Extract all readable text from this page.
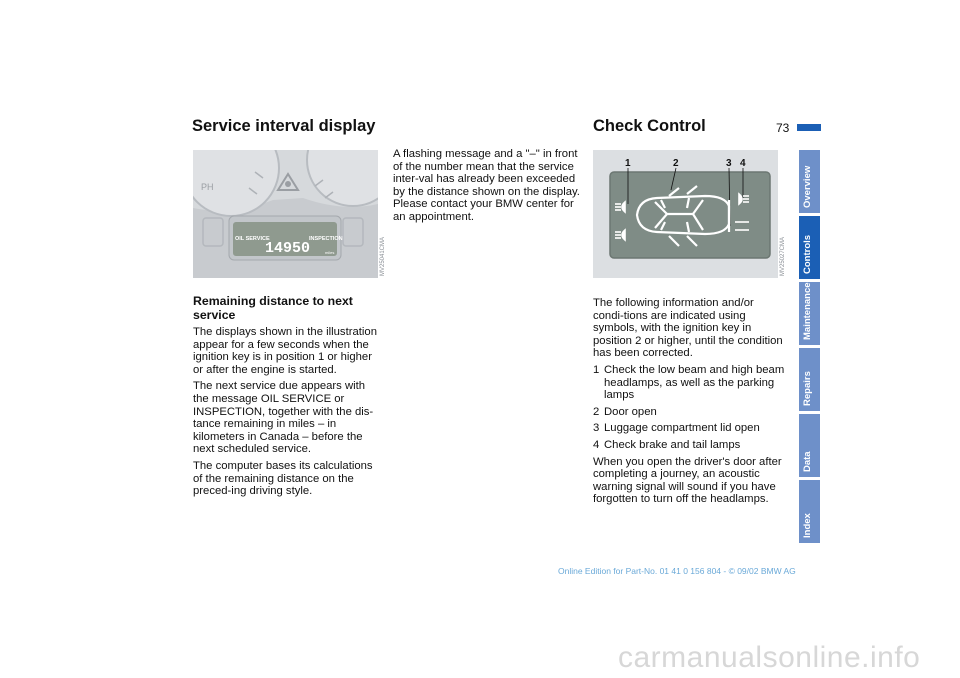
Service interval display	Check Control	73
PH
OIL SERVICE	INSPECTION
14950	miles	MV25041CMA
Remaining distance to next service

The displays shown in the illustration appear for a few seconds when the ignition key is in position 1 or higher or after the engine is started.

The next service due appears with the message OIL SERVICE or INSPECTION, together with the dis-tance remaining in miles – in kilometers in Canada – before the next scheduled service.

The computer bases its calculations of the remaining distance on the preced-ing driving style.

A flashing message and a "–" in front of the number mean that the service inter-val has already been exceeded by the distance shown on the display. Please contact your BMW center for an appointment.

1	2	3 4
MV25027CMA

The following information and/or condi-tions are indicated using symbols, with the ignition key in position 2 or higher, until the condition has been corrected.

1 Check the low beam and high beam headlamps, as well as the parking lamps
2 Door open
3 Luggage compartment lid open
4 Check brake and tail lamps

When you open the driver's door after completing a journey, an acoustic warning signal will sound if you have forgotten to turn off the headlamps.

Overview
Controls
Maintenance
Repairs
Data
Index
Online Edition for Part-No. 01 41 0 156 804 - © 09/02 BMW AG
carmanualsonline.info
